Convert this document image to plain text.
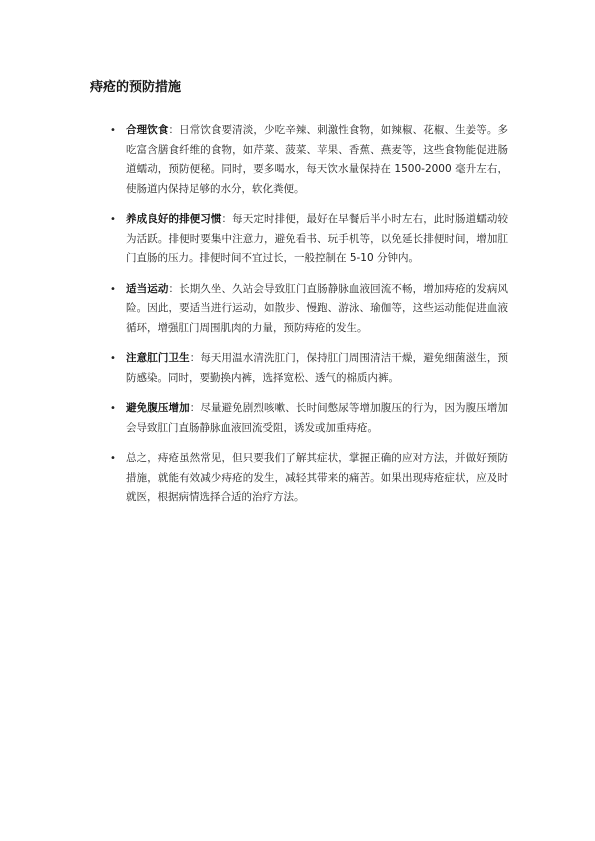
痔疮的预防措施
• 合理饮食：日常饮食要清淡，少吃辛辣、刺激性食物，如辣椒、花椒、生姜等。多吃富含膳食纤维的食物，如芹菜、菠菜、苹果、香蕉、燕麦等，这些食物能促进肠道蠕动，预防便秘。同时，要多喝水，每天饮水量保持在 1500-2000 毫升左右，使肠道内保持足够的水分，软化粪便。
• 养成良好的排便习惯：每天定时排便，最好在早餐后半小时左右，此时肠道蠕动较为活跃。排便时要集中注意力，避免看书、玩手机等，以免延长排便时间，增加肛门直肠的压力。排便时间不宜过长，一般控制在 5-10 分钟内。
• 适当运动：长期久坐、久站会导致肛门直肠静脉血液回流不畅，增加痔疮的发病风险。因此，要适当进行运动，如散步、慢跑、游泳、瑜伽等，这些运动能促进血液循环，增强肛门周围肌肉的力量，预防痔疮的发生。
• 注意肛门卫生：每天用温水清洗肛门，保持肛门周围清洁干燥，避免细菌滋生，预防感染。同时，要勤换内裤，选择宽松、透气的棉质内裤。
• 避免腹压增加：尽量避免剧烈咳嗽、长时间憋尿等增加腹压的行为，因为腹压增加会导致肛门直肠静脉血液回流受阻，诱发或加重痔疮。
• 总之，痔疮虽然常见，但只要我们了解其症状，掌握正确的应对方法，并做好预防措施，就能有效减少痔疮的发生，减轻其带来的痛苦。如果出现痔疮症状，应及时就医，根据病情选择合适的治疗方法。
